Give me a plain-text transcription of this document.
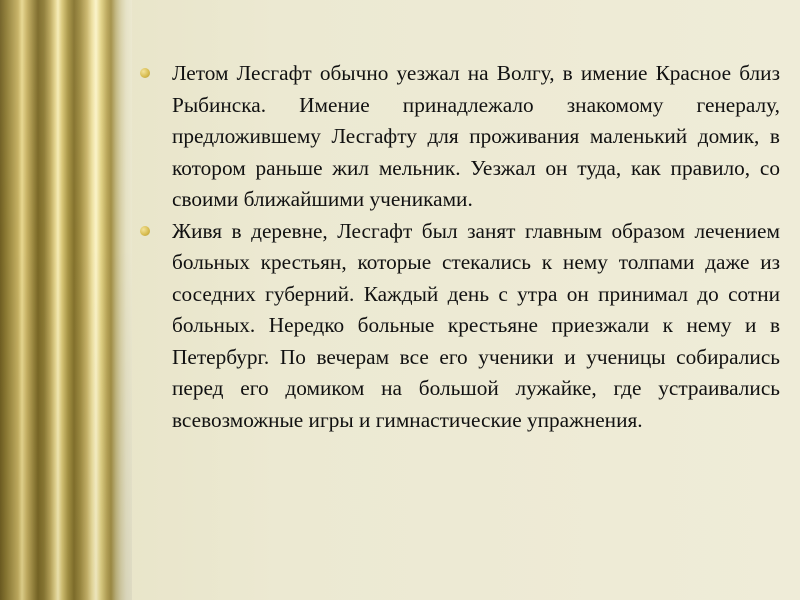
Летом Лесгафт обычно уезжал на Волгу, в имение Красное близ Рыбинска. Имение принадлежало знакомому генералу, предложившему Лесгафту для проживания маленький домик, в котором раньше жил мельник. Уезжал он туда, как правило, со своими ближайшими учениками.
Живя в деревне, Лесгафт был занят главным образом лечением больных крестьян, которые стекались к нему толпами даже из соседних губерний. Каждый день с утра он принимал до сотни больных. Нередко больные крестьяне приезжали к нему и в Петербург. По вечерам все его ученики и ученицы собирались перед его домиком на большой лужайке, где устраивались всевозможные игры и гимнастические упражнения.
